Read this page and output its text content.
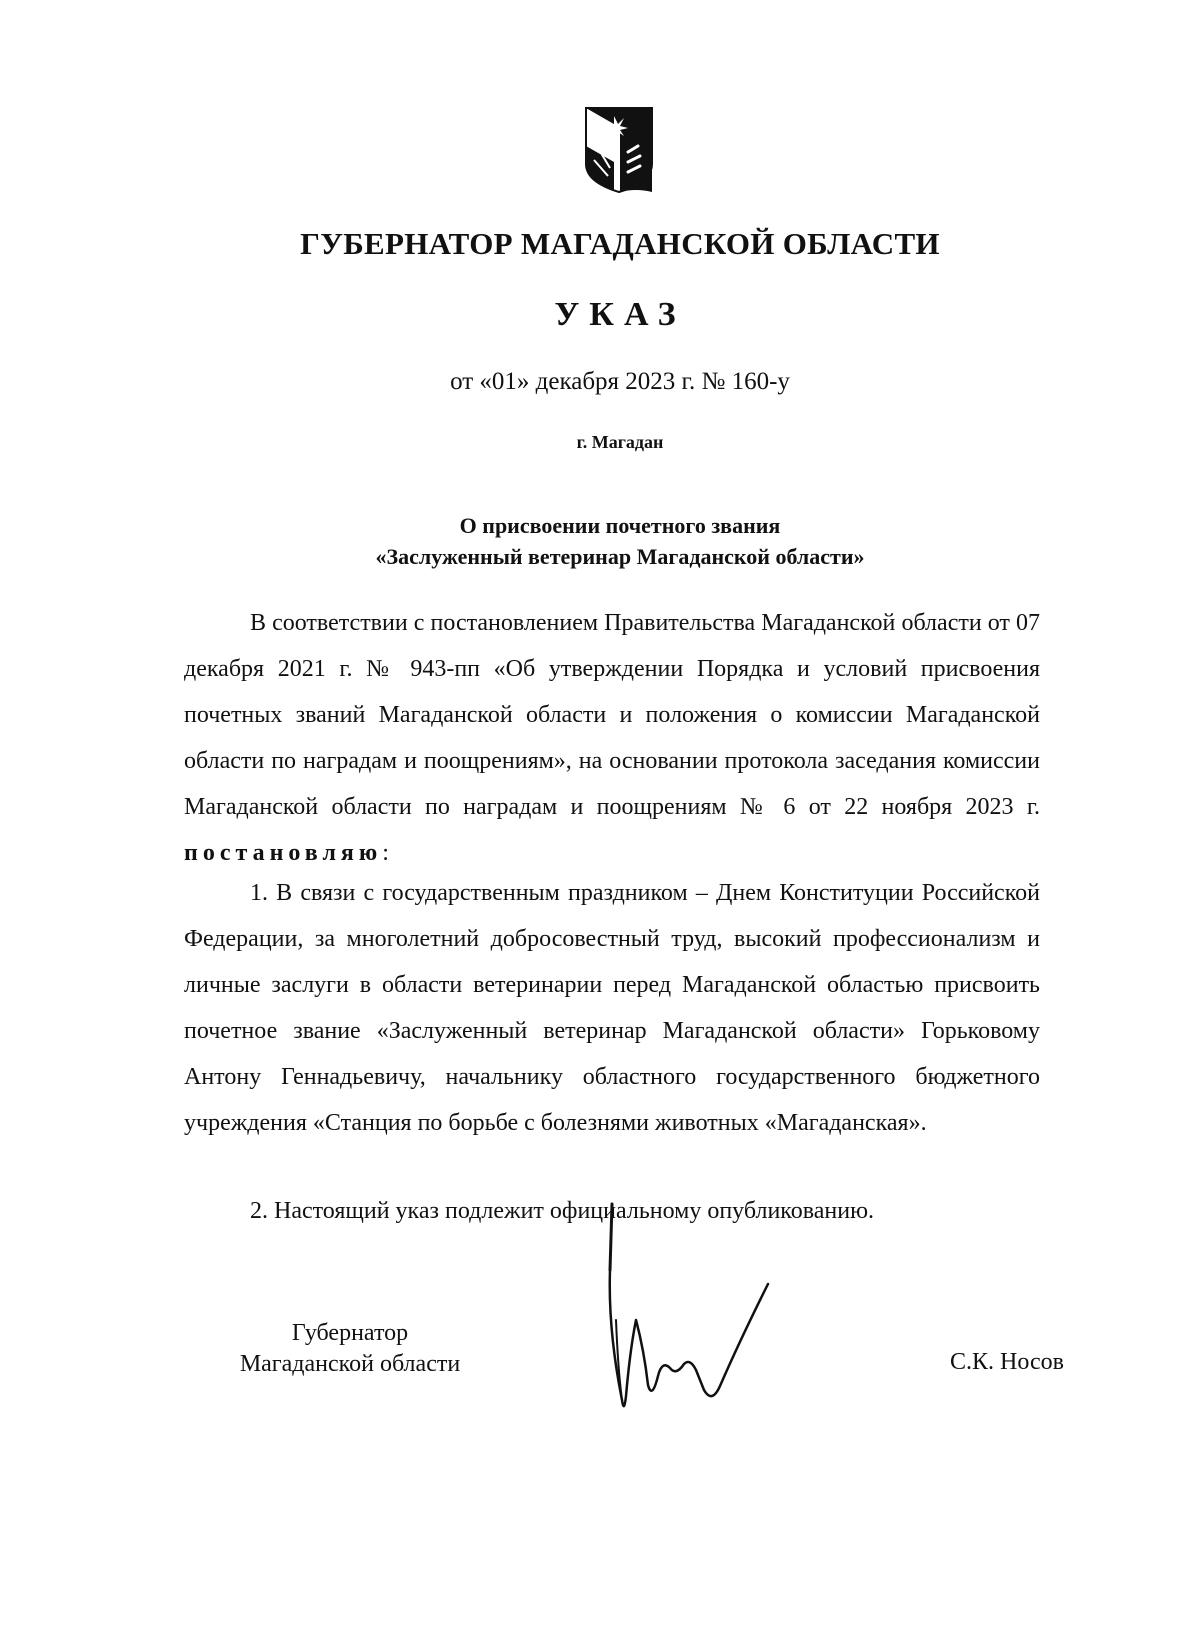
ГУБЕРНАТОР МАГАДАНСКОЙ ОБЛАСТИ
УКАЗ
от «01» декабря 2023 г. № 160-у
г. Магадан
О присвоении почетного звания
«Заслуженный ветеринар Магаданской области»

В соответствии с постановлением Правительства Магаданской области от 07 декабря 2021 г. № 943-пп «Об утверждении Порядка и условий присвоения почетных званий Магаданской области и положения о комиссии Магаданской области по наградам и поощрениям», на основании протокола заседания комиссии Магаданской области по наградам и поощрениям № 6 от 22 ноября 2023 г. постановляю:

1. В связи с государственным праздником – Днем Конституции Российской Федерации, за многолетний добросовестный труд, высокий профессионализм и личные заслуги в области ветеринарии перед Магаданской областью присвоить почетное звание «Заслуженный ветеринар Магаданской области» Горьковому Антону Геннадьевичу, начальнику областного государственного бюджетного учреждения «Станция по борьбе с болезнями животных «Магаданская».

2. Настоящий указ подлежит официальному опубликованию.

Губернатор
Магаданской области	С.К. Носов
